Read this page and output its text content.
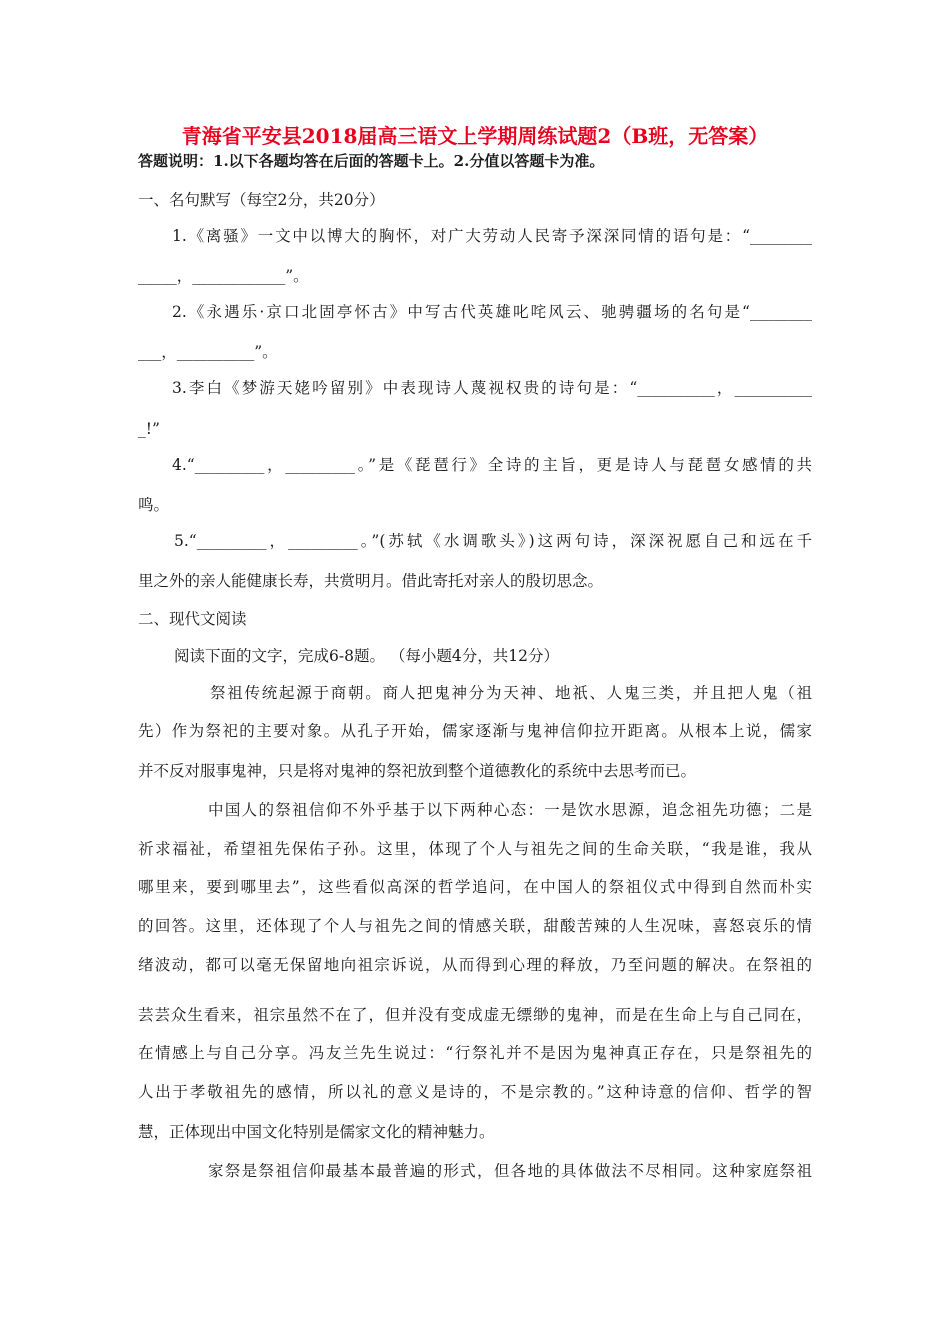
青海省平安县2018届高三语文上学期周练试题2（B班，无答案）
答题说明：1.以下各题均答在后面的答题卡上。2.分值以答题卡为准。
一、名句默写（每空2分，共20分）
1.《离骚》一文中以博大的胸怀，对广大劳动人民寄予深深同情的语句是：“________
_____，____________”。
2.《永遇乐·京口北固亭怀古》中写古代英雄叱咤风云、驰骋疆场的名句是“________
___，__________”。
3.李白《梦游天姥吟留别》中表现诗人蔑视权贵的诗句是：“__________，__________
_!”
4.“_________，_________。”是《琵琶行》全诗的主旨，更是诗人与琵琶女感情的共
鸣。
5.“_________，_________。”(苏轼《水调歌头》)这两句诗，深深祝愿自己和远在千
里之外的亲人能健康长寿，共赏明月。借此寄托对亲人的殷切思念。
二、现代文阅读
阅读下面的文字，完成6-8题。 （每小题4分，共12分）
祭祖传统起源于商朝。商人把鬼神分为天神、地祇、人鬼三类，并且把人鬼（祖
先）作为祭祀的主要对象。从孔子开始，儒家逐渐与鬼神信仰拉开距离。从根本上说，儒家
并不反对服事鬼神，只是将对鬼神的祭祀放到整个道德教化的系统中去思考而已。
中国人的祭祖信仰不外乎基于以下两种心态：一是饮水思源，追念祖先功德；二是
祈求福祉，希望祖先保佑子孙。这里，体现了个人与祖先之间的生命关联，“我是谁，我从
哪里来，要到哪里去”，这些看似高深的哲学追问，在中国人的祭祖仪式中得到自然而朴实
的回答。这里，还体现了个人与祖先之间的情感关联，甜酸苦辣的人生况味，喜怒哀乐的情
绪波动，都可以毫无保留地向祖宗诉说，从而得到心理的释放，乃至问题的解决。在祭祖的
芸芸众生看来，祖宗虽然不在了，但并没有变成虚无缥缈的鬼神，而是在生命上与自己同在，
在情感上与自己分享。冯友兰先生说过：“行祭礼并不是因为鬼神真正存在，只是祭祖先的
人出于孝敬祖先的感情，所以礼的意义是诗的，不是宗教的。”这种诗意的信仰、哲学的智
慧，正体现出中国文化特别是儒家文化的精神魅力。
家祭是祭祖信仰最基本最普遍的形式，但各地的具体做法不尽相同。这种家庭祭祖
